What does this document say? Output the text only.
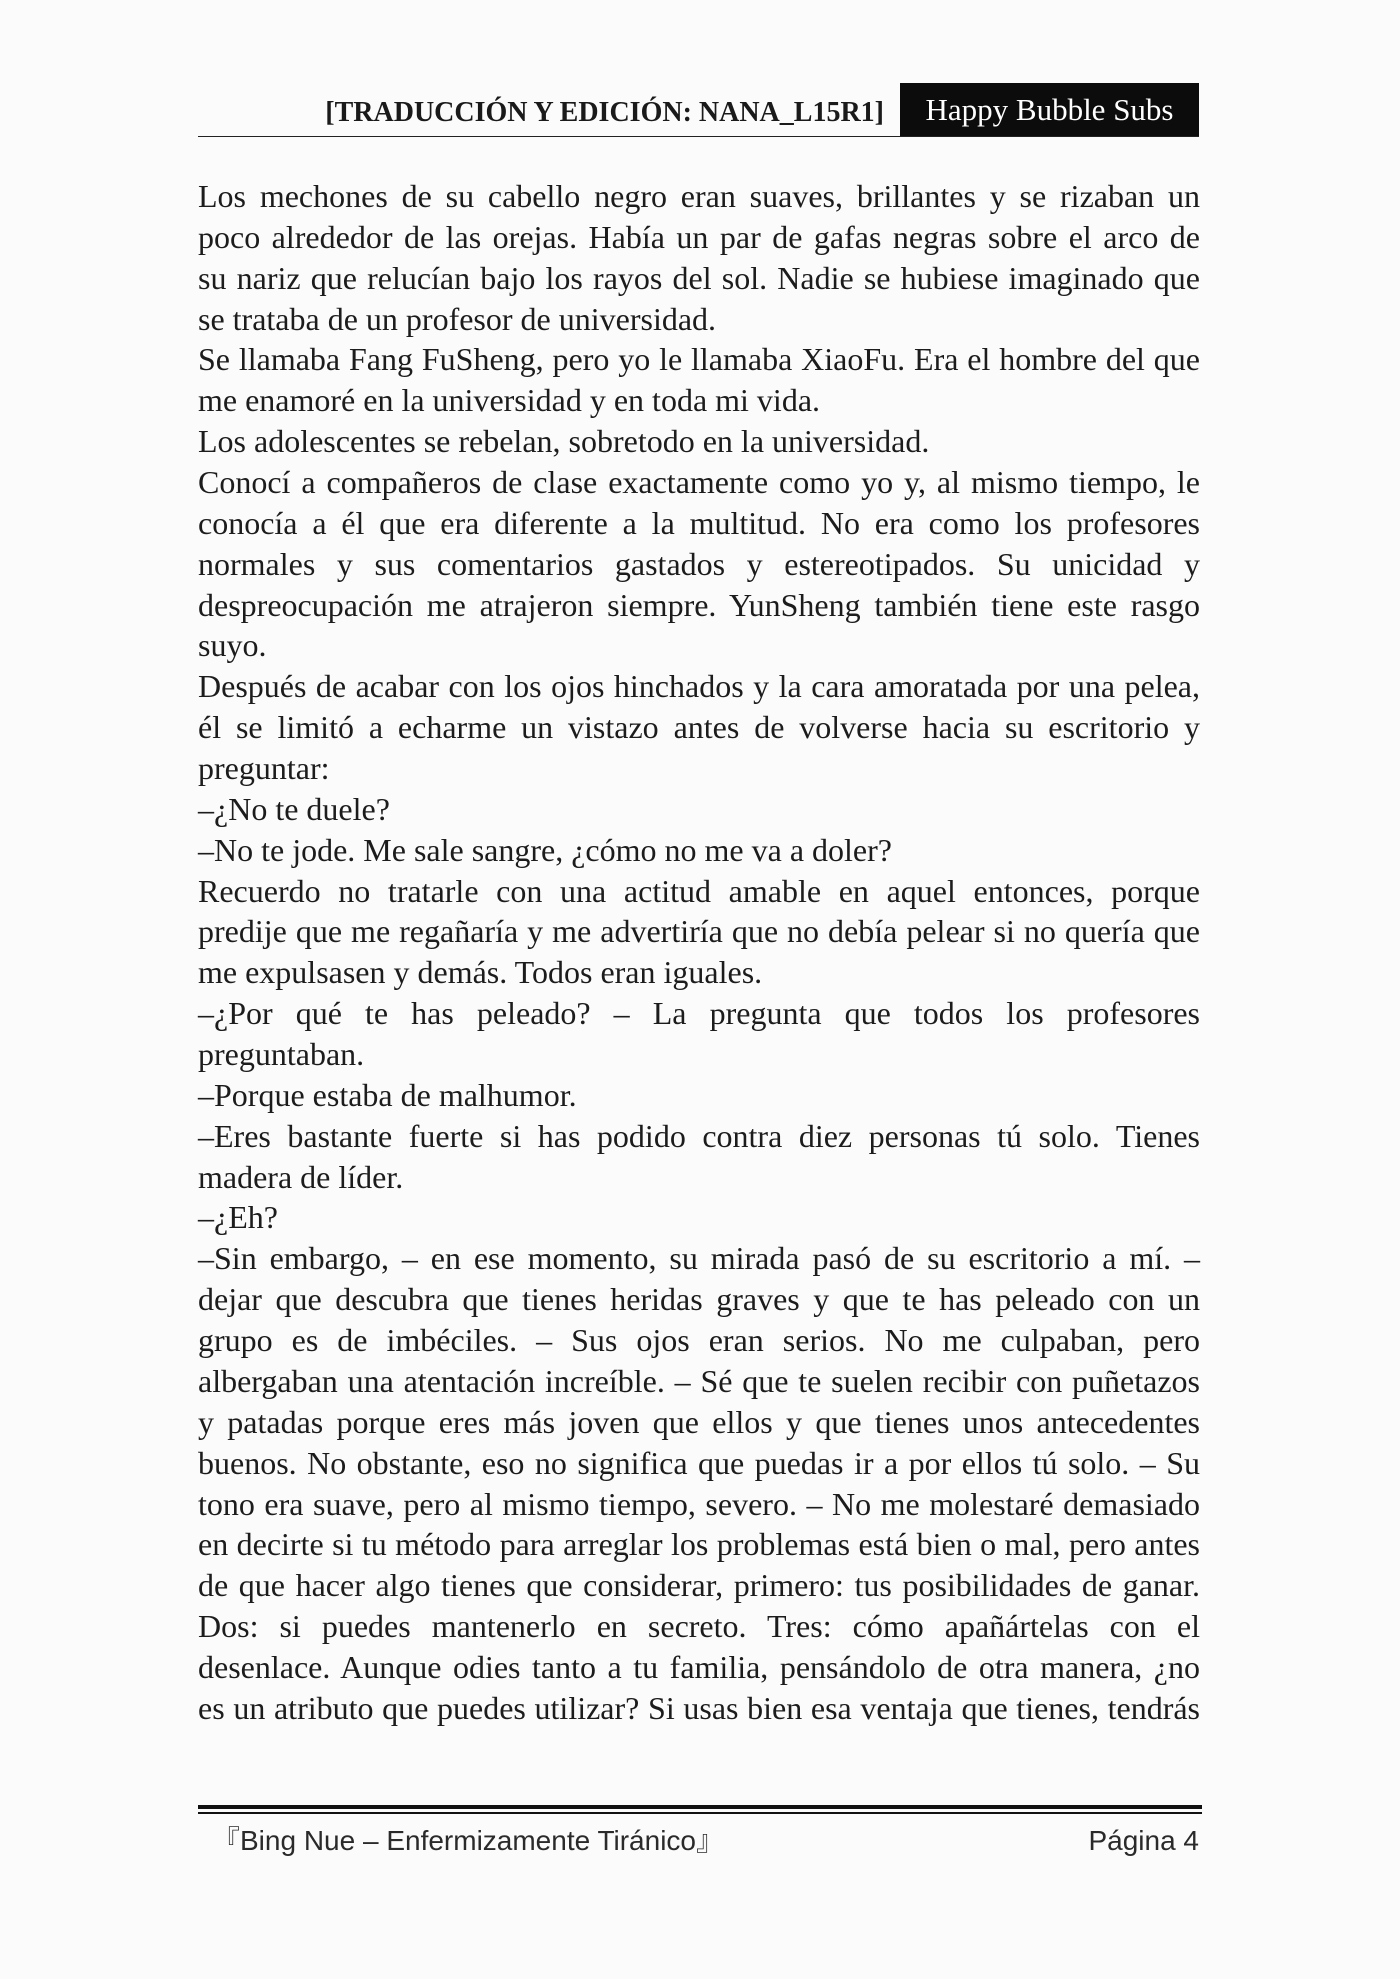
[TRADUCCIÓN Y EDICIÓN: NANA_L15R1] Happy Bubble Subs
Los mechones de su cabello negro eran suaves, brillantes y se rizaban un
poco alrededor de las orejas. Había un par de gafas negras sobre el arco de
su nariz que relucían bajo los rayos del sol. Nadie se hubiese imaginado que
se trataba de un profesor de universidad.
Se llamaba Fang FuSheng, pero yo le llamaba XiaoFu. Era el hombre del que
me enamoré en la universidad y en toda mi vida.
Los adolescentes se rebelan, sobretodo en la universidad.
Conocí a compañeros de clase exactamente como yo y, al mismo tiempo, le
conocía a él que era diferente a la multitud. No era como los profesores
normales y sus comentarios gastados y estereotipados. Su unicidad y
despreocupación me atrajeron siempre. YunSheng también tiene este rasgo
suyo.
Después de acabar con los ojos hinchados y la cara amoratada por una pelea,
él se limitó a echarme un vistazo antes de volverse hacia su escritorio y
preguntar:
–¿No te duele?
–No te jode. Me sale sangre, ¿cómo no me va a doler?
Recuerdo no tratarle con una actitud amable en aquel entonces, porque
predije que me regañaría y me advertiría que no debía pelear si no quería que
me expulsasen y demás. Todos eran iguales.
–¿Por qué te has peleado? – La pregunta que todos los profesores
preguntaban.
–Porque estaba de malhumor.
–Eres bastante fuerte si has podido contra diez personas tú solo. Tienes
madera de líder.
–¿Eh?
–Sin embargo, – en ese momento, su mirada pasó de su escritorio a mí. –
dejar que descubra que tienes heridas graves y que te has peleado con un
grupo es de imbéciles. – Sus ojos eran serios. No me culpaban, pero
albergaban una atentación increíble. – Sé que te suelen recibir con puñetazos
y patadas porque eres más joven que ellos y que tienes unos antecedentes
buenos. No obstante, eso no significa que puedas ir a por ellos tú solo. – Su
tono era suave, pero al mismo tiempo, severo. – No me molestaré demasiado
en decirte si tu método para arreglar los problemas está bien o mal, pero antes
de que hacer algo tienes que considerar, primero: tus posibilidades de ganar.
Dos: si puedes mantenerlo en secreto. Tres: cómo apañártelas con el
desenlace. Aunque odies tanto a tu familia, pensándolo de otra manera, ¿no
es un atributo que puedes utilizar? Si usas bien esa ventaja que tienes, tendrás
『Bing Nue – Enfermizamente Tiránico』	Página 4
